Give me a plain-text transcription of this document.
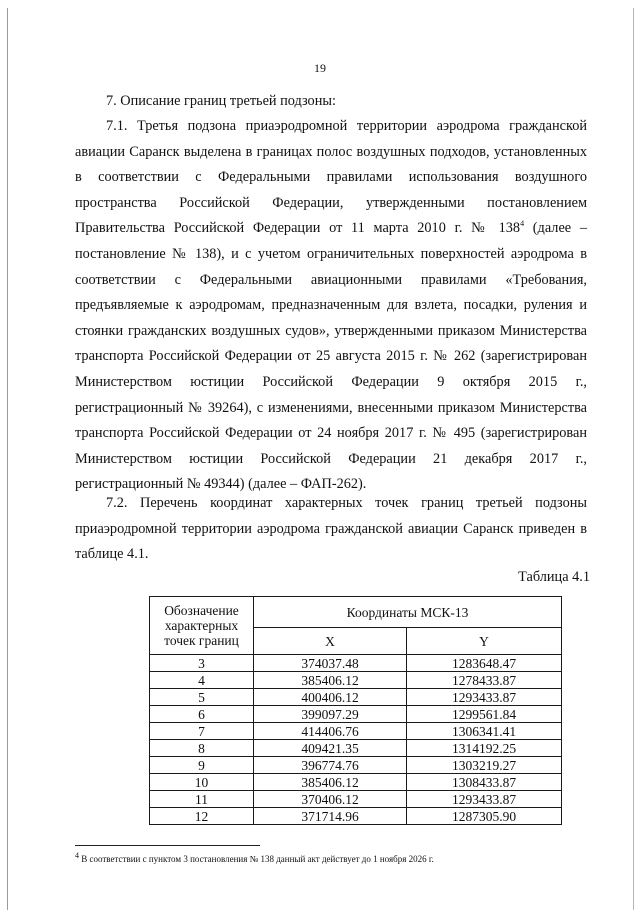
19
7. Описание границ третьей подзоны:
7.1. Третья подзона приаэродромной территории аэродрома гражданской
авиации Саранск выделена в границах полос воздушных подходов, установленных
в соответствии с Федеральными правилами использования воздушного
пространства Российской Федерации, утвержденными постановлением
Правительства Российской Федерации от 11 марта 2010 г. № $138^4$ (далее –
постановление № 138), и с учетом ограничительных поверхностей аэродрома в
соответствии с Федеральными авиационными правилами «Требования,
предъявляемые к аэродромам, предназначенным для взлета, посадки, руления и
стоянки гражданских воздушных судов», утвержденными приказом Министерства
транспорта Российской Федерации от 25 августа 2015 г. № 262 (зарегистрирован
Министерством юстиции Российской Федерации 9 октября 2015 г.,
регистрационный № 39264), с изменениями, внесенными приказом Министерства
транспорта Российской Федерации от 24 ноября 2017 г. № 495 (зарегистрирован
Министерством юстиции Российской Федерации 21 декабря 2017 г.,
регистрационный № 49344) (далее – ФАП-262).
7.2. Перечень координат характерных точек границ третьей подзоны
приаэродромной территории аэродрома гражданской авиации Саранск приведен в
таблице 4.1.
Таблица 4.1
Обозначение характерных точек границ	Координаты МСК-13	
	X	Y
3	374037.48	1283648.47
4	385406.12	1278433.87
5	400406.12	1293433.87
6	399097.29	1299561.84
7	414406.76	1306341.41
8	409421.35	1314192.25
9	396774.76	1303219.27
10	385406.12	1308433.87
11	370406.12	1293433.87
12	371714.96	1287305.90
$^4$ В соответствии с пунктом 3 постановления № 138 данный акт действует до 1 ноября 2026 г.
